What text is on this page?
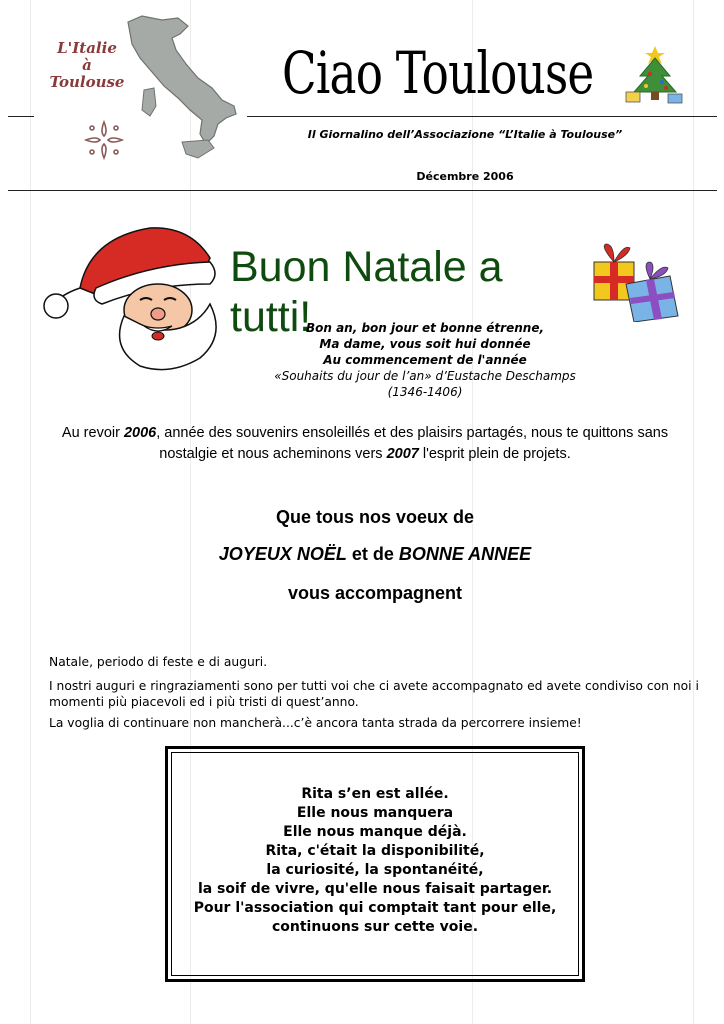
L'Italie
à
Toulouse	Ciao Toulouse
Il Giornalino dell’Associazione “L’Italie à Toulouse”
Décembre 2006
Buon Natale a tutti!
Bon an, bon jour et bonne étrenne,
Ma dame, vous soit hui donnée
Au commencement de l'année
«Souhaits du jour de l’an» d’Eustache Deschamps
(1346-1406)
Au revoir 2006, année des souvenirs ensoleillés et des plaisirs partagés, nous te quittons sans nostalgie et nous acheminons vers 2007 l'esprit plein de projets.
Que tous nos voeux de
JOYEUX NOËL et de BONNE ANNEE
vous accompagnent
Natale, periodo di feste e di auguri.
I nostri auguri e ringraziamenti sono per tutti voi che ci avete accompagnato ed avete condiviso con noi i momenti più piacevoli ed i più tristi di quest’anno.
La voglia di continuare non mancherà...c’è ancora tanta strada da percorrere insieme!
Rita s’en est allée.
Elle nous manquera
Elle nous manque déjà.
Rita, c'était la disponibilité,
la curiosité, la spontanéité,
la soif de vivre, qu'elle nous faisait partager.
Pour l'association qui comptait tant pour elle,
continuons sur cette voie.
